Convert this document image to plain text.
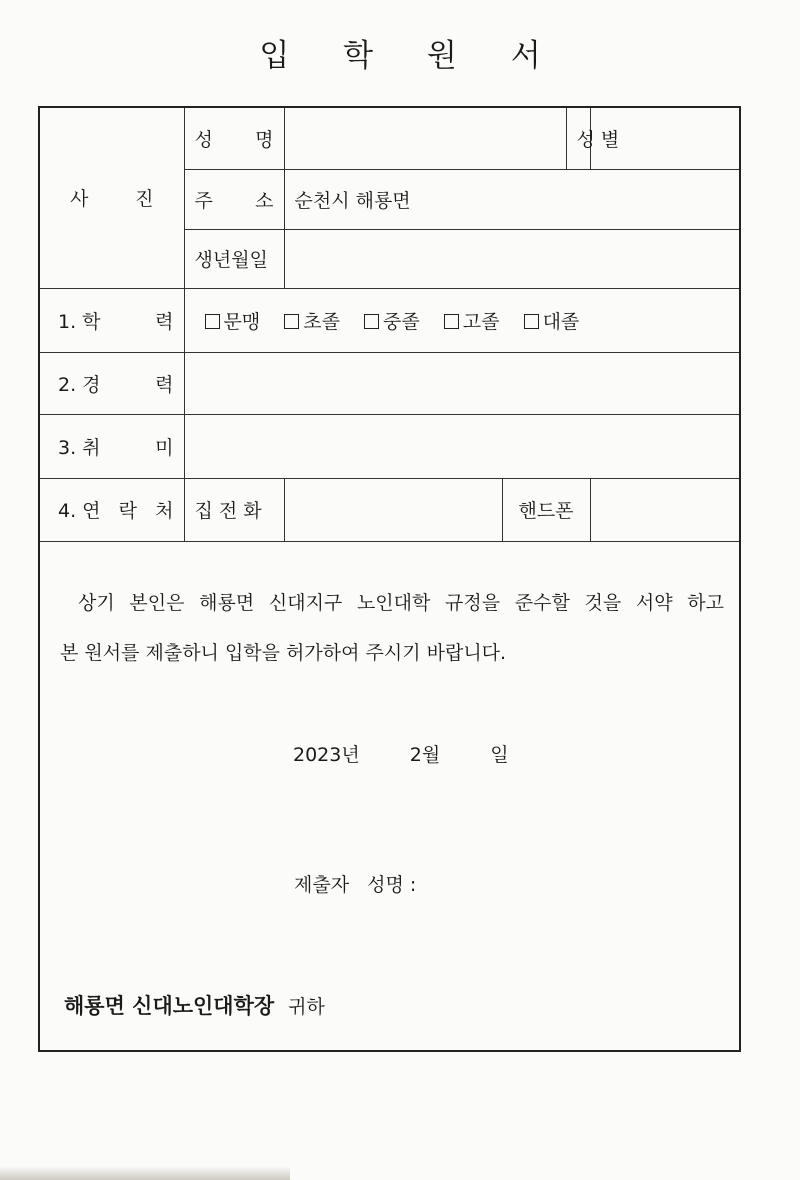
입 학 원 서
사 진	성 명			성 별	

	주 소	순천시 해룡면			
	생년월일				

1. 학 력	문맹 초졸 중졸 고졸 대졸				

2. 경 력					

3. 취 미					

4. 연 락 처	집 전 화		핸드폰		
상기 본인은 해룡면 신대지구 노인대학 규정을 준수할 것을 서약 하고
본 원서를 제출하니 입학을 허가하여 주시기 바랍니다.
2023년	2월	일
제출자   성명 :
해룡면 신대노인대학장 귀하
